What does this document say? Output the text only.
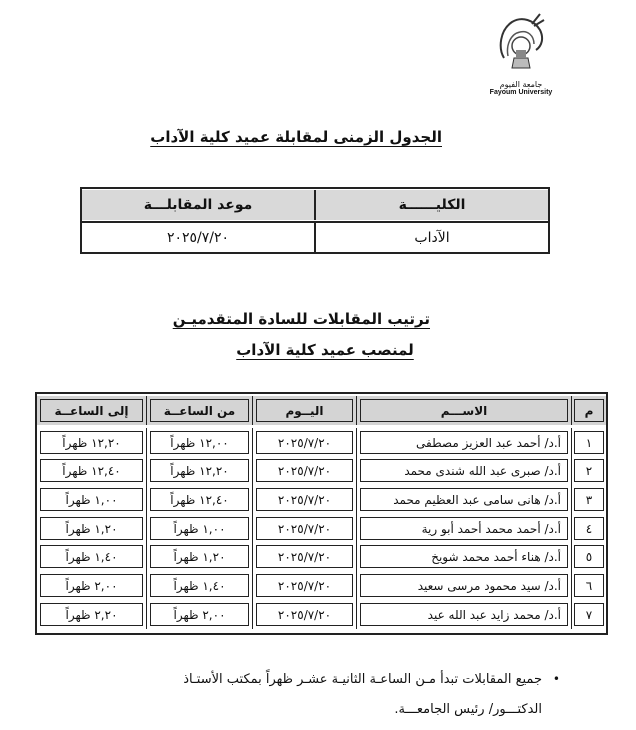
جامعة الفيوم
Fayoum University
الجدول الزمنى لمقابلة عميد كلية الآداب
الكليــــــة
موعد المقابلـــة
الآداب
٢٠٢٥/٧/٢٠
ترتيب المقابلات للسادة المتقدميـن
لمنصب عميد كلية الآداب
م
الاســـم
اليــوم
من الساعــة
إلى الساعــة
١
أ.د/ أحمد عبد العزيز مصطفى
٢٠٢٥/٧/٢٠
١٢,٠٠ ظهراً
١٢,٢٠ ظهراً
٢
أ.د/ صبرى عبد الله شندى محمد
٢٠٢٥/٧/٢٠
١٢,٢٠ ظهراً
١٢,٤٠ ظهراً
٣
أ.د/ هانى سامى عبد العظيم محمد
٢٠٢٥/٧/٢٠
١٢,٤٠ ظهراً
١,٠٠ ظهراً
٤
أ.د/ أحمد محمد أحمد أبو رية
٢٠٢٥/٧/٢٠
١,٠٠ ظهراً
١,٢٠ ظهراً
٥
أ.د/ هناء أحمد محمد شويخ
٢٠٢٥/٧/٢٠
١,٢٠ ظهراً
١,٤٠ ظهراً
٦
أ.د/ سيد محمود مرسى سعيد
٢٠٢٥/٧/٢٠
١,٤٠ ظهراً
٢,٠٠ ظهراً
٧
أ.د/ محمد زايد عبد الله عيد
٢٠٢٥/٧/٢٠
٢,٠٠ ظهراً
٢,٢٠ ظهراً
•جميع المقابلات تبدأ مـن الساعـة الثانيـة عشـر ظهراً بمكتب الأستـاذ
الدكتـــور/ رئيس الجامعـــة.
